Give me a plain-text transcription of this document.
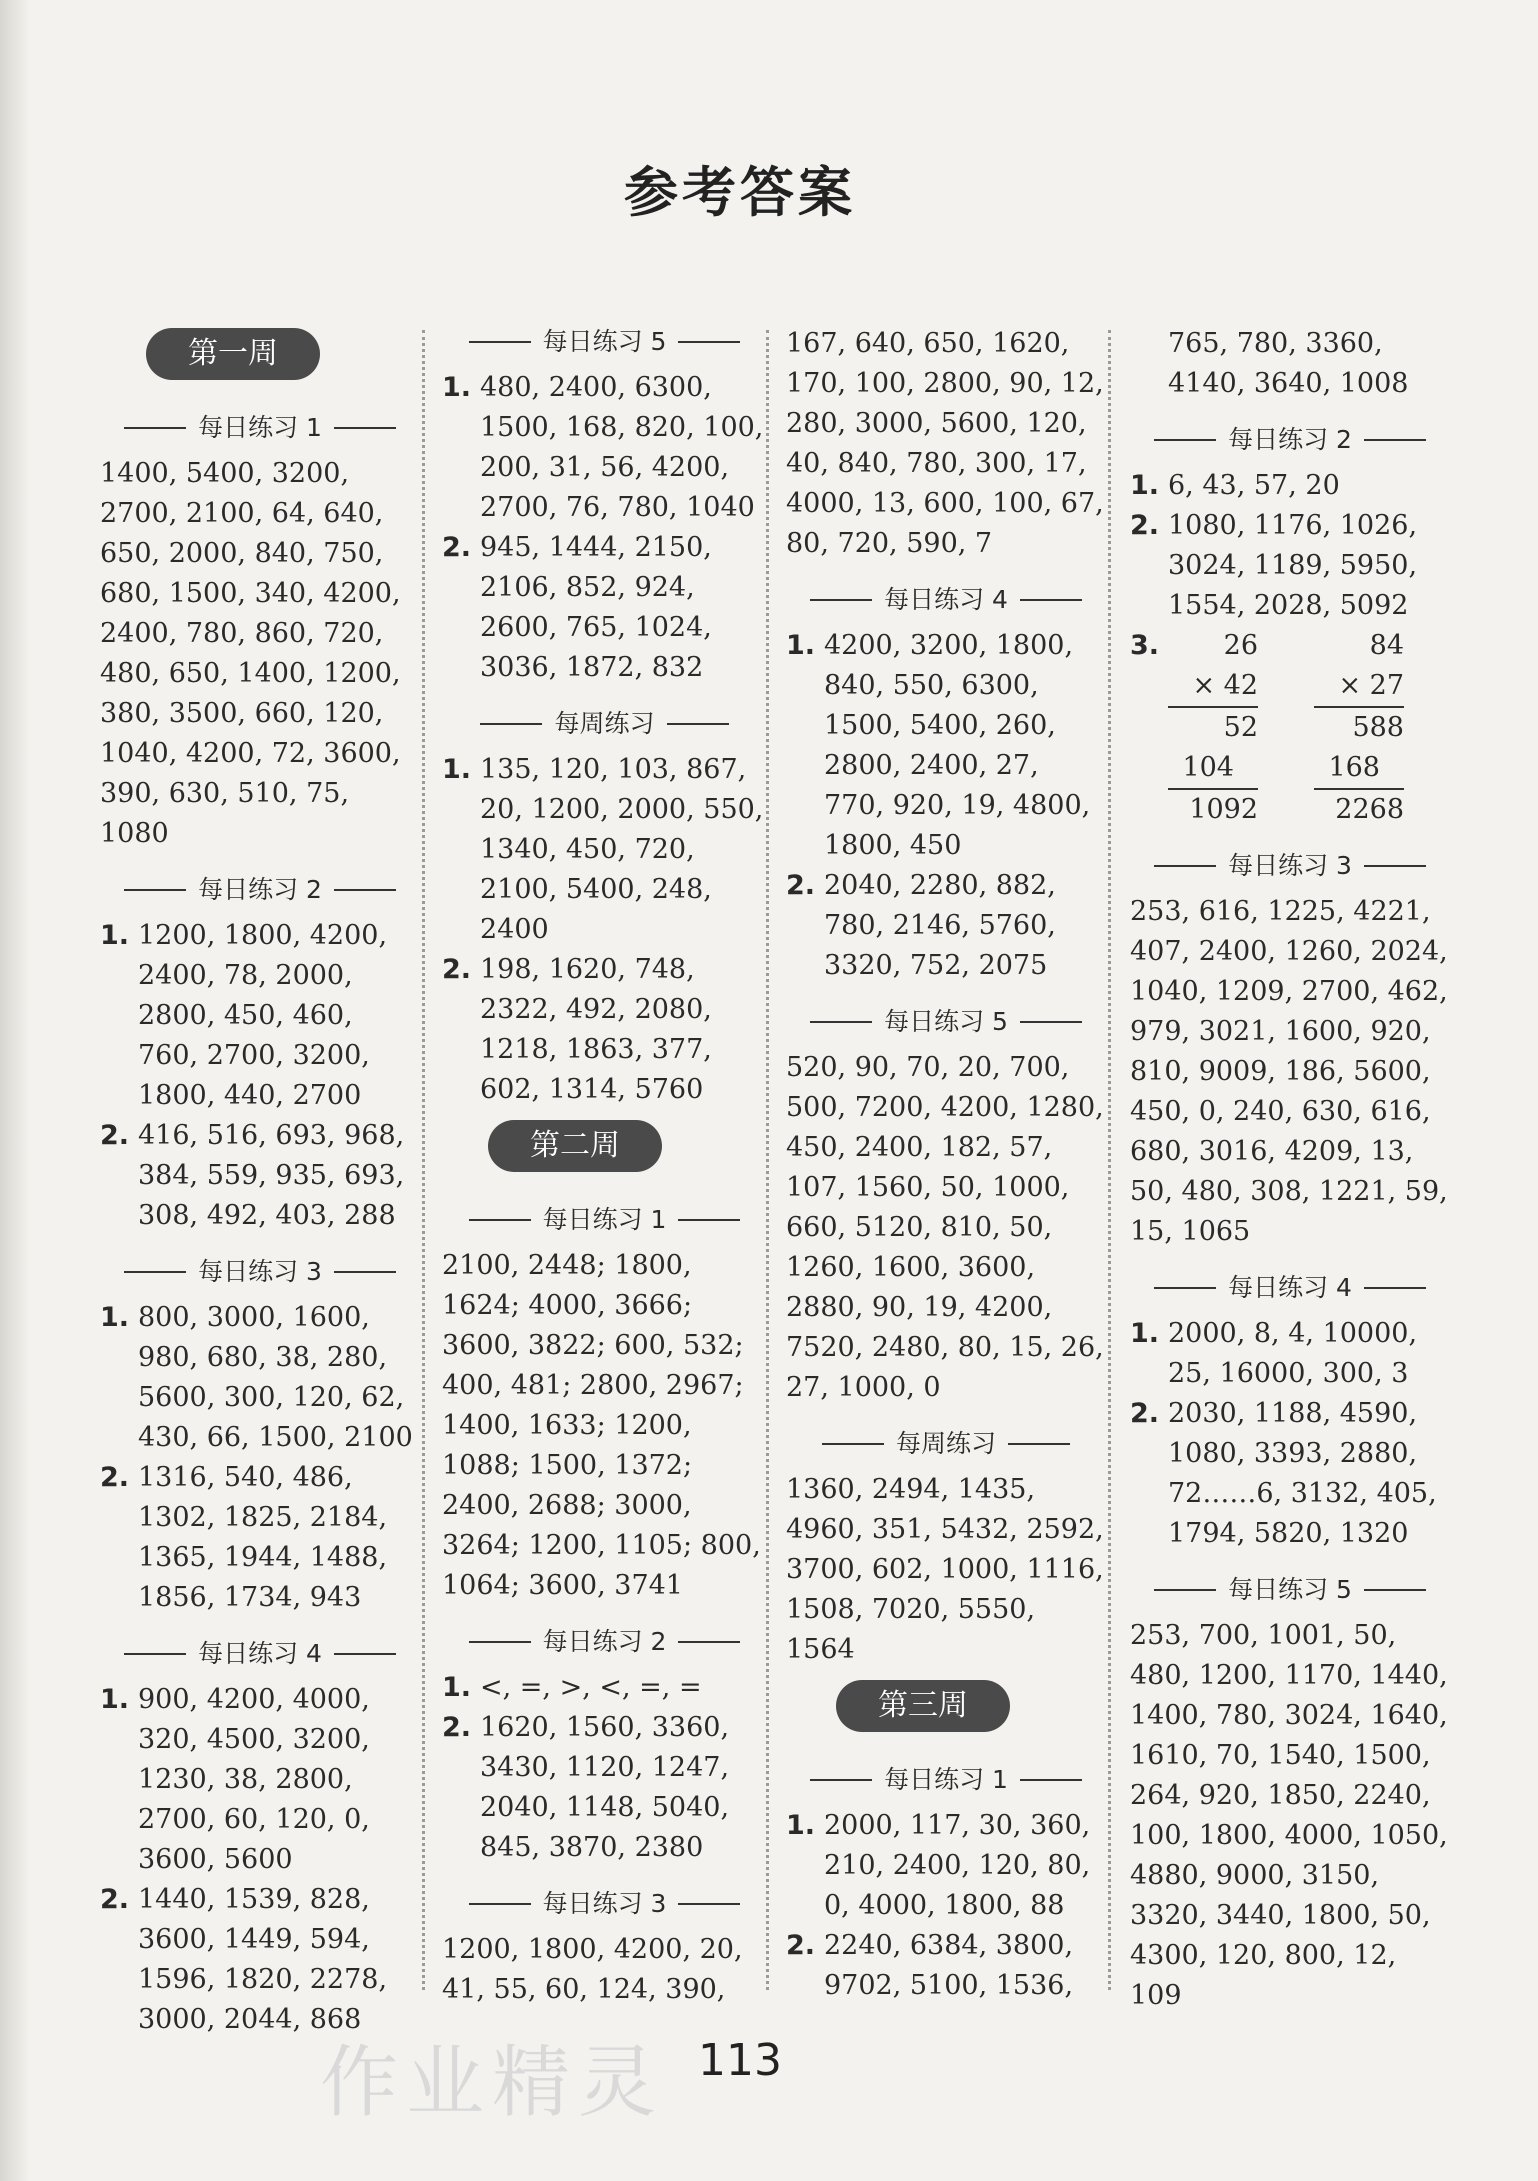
参考答案
第一周
每日练习 1
1400, 5400, 3200, 2700, 2100, 64, 640, 650, 2000, 840, 750, 680, 1500, 340, 4200, 2400, 780, 860, 720, 480, 650, 1400, 1200, 380, 3500, 660, 120, 1040, 4200, 72, 3600, 390, 630, 510, 75, 1080
每日练习 2
1. 1200, 1800, 4200, 2400, 78, 2000, 2800, 450, 460, 760, 2700, 3200, 1800, 440, 2700
2. 416, 516, 693, 968, 384, 559, 935, 693, 308, 492, 403, 288
每日练习 3
1. 800, 3000, 1600, 980, 680, 38, 280, 5600, 300, 120, 62, 430, 66, 1500, 2100
2. 1316, 540, 486, 1302, 1825, 2184, 1365, 1944, 1488, 1856, 1734, 943
每日练习 4
1. 900, 4200, 4000, 320, 4500, 3200, 1230, 38, 2800, 2700, 60, 120, 0, 3600, 5600
2. 1440, 1539, 828, 3600, 1449, 594, 1596, 1820, 2278, 3000, 2044, 868
每日练习 5
1. 480, 2400, 6300, 1500, 168, 820, 100, 200, 31, 56, 4200, 2700, 76, 780, 1040
2. 945, 1444, 2150, 2106, 852, 924, 2600, 765, 1024, 3036, 1872, 832
每周练习
1. 135, 120, 103, 867, 20, 1200, 2000, 550, 1340, 450, 720, 2100, 5400, 248, 2400
2. 198, 1620, 748, 2322, 492, 2080, 1218, 1863, 377, 602, 1314, 5760
第二周
每日练习 1
2100, 2448; 1800, 1624; 4000, 3666; 3600, 3822; 600, 532; 400, 481; 2800, 2967; 1400, 1633; 1200, 1088; 1500, 1372; 2400, 2688; 3000, 3264; 1200, 1105; 800, 1064; 3600, 3741
每日练习 2
1. <, =, >, <, =, =
2. 1620, 1560, 3360, 3430, 1120, 1247, 2040, 1148, 5040, 845, 3870, 2380
每日练习 3
1200, 1800, 4200, 20, 41, 55, 60, 124, 390,
167, 640, 650, 1620, 170, 100, 2800, 90, 12, 280, 3000, 5600, 120, 40, 840, 780, 300, 17, 4000, 13, 600, 100, 67, 80, 720, 590, 7
每日练习 4
1. 4200, 3200, 1800, 840, 550, 6300, 1500, 5400, 260, 2800, 2400, 27, 770, 920, 19, 4800, 1800, 450
2. 2040, 2280, 882, 780, 2146, 5760, 3320, 752, 2075
每日练习 5
520, 90, 70, 20, 700, 500, 7200, 4200, 1280, 450, 2400, 182, 57, 107, 1560, 50, 1000, 660, 5120, 810, 50, 1260, 1600, 3600, 2880, 90, 19, 4200, 7520, 2480, 80, 15, 26, 27, 1000, 0
每周练习
1360, 2494, 1435, 4960, 351, 5432, 2592, 3700, 602, 1000, 1116, 1508, 7020, 5550, 1564
第三周
每日练习 1
1. 2000, 117, 30, 360, 210, 2400, 120, 80, 0, 4000, 1800, 88
2. 2240, 6384, 3800, 9702, 5100, 1536,
765, 780, 3360, 4140, 3640, 1008
每日练习 2
1. 6, 43, 57, 20
2. 1080, 1176, 1026, 3024, 1189, 5950, 1554, 2028, 5092
3.	26
× 42
52
104
1092
84
× 27
588
168
2268
每日练习 3
253, 616, 1225, 4221, 407, 2400, 1260, 2024, 1040, 1209, 2700, 462, 979, 3021, 1600, 920, 810, 9009, 186, 5600, 450, 0, 240, 630, 616, 680, 3016, 4209, 13, 50, 480, 308, 1221, 59, 15, 1065
每日练习 4
1. 2000, 8, 4, 10000, 25, 16000, 300, 3
2. 2030, 1188, 4590, 1080, 3393, 2880, 72……6, 3132, 405, 1794, 5820, 1320
每日练习 5
253, 700, 1001, 50, 480, 1200, 1170, 1440, 1400, 780, 3024, 1640, 1610, 70, 1540, 1500, 264, 920, 1850, 2240, 100, 1800, 4000, 1050, 4880, 9000, 3150, 3320, 3440, 1800, 50, 4300, 120, 800, 12, 109
作业精灵 113
